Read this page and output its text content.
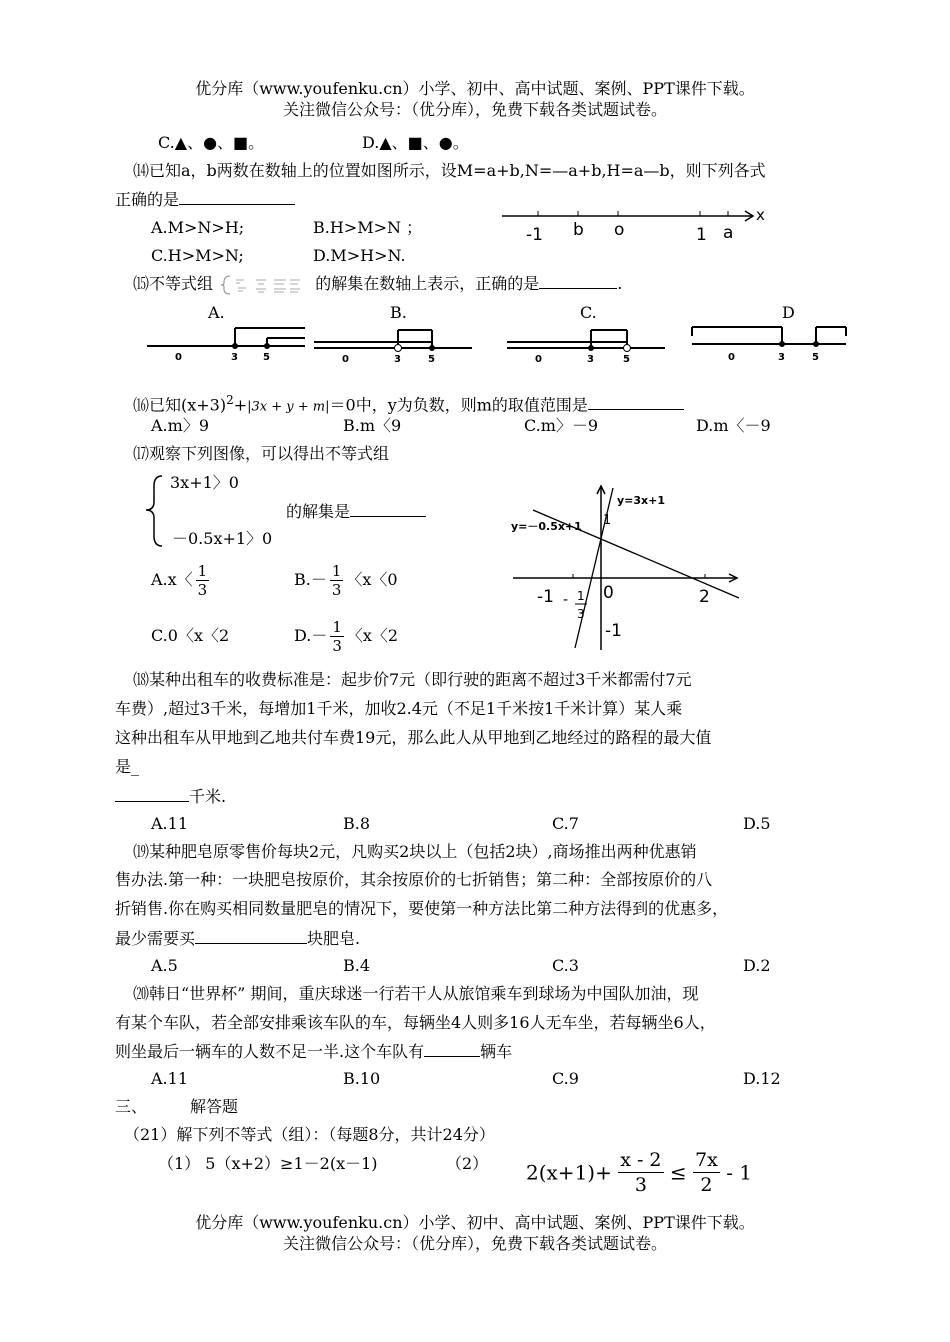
优分库（www.youfenku.cn）小学、初中、高中试题、案例、PPT课件下载。
关注微信公众号：（优分库），免费下载各类试题试卷。
C.▲、●、■。	D.▲、■、●。
⒁已知a，b两数在数轴上的位置如图所示，设M=a+b,N=—a+b,H=a—b，则下列各式
正确的是
A.M>N>H;	B.H>M>N ；
C.H>M>N;	D.M>H>N.
x
-1 b o	1 a
⒂不等式组	的解集在数轴上表示，正确的是	.
A.	B.	C.	D
0	3	5	0	3	5	0	3	5	0	3	5
⒃已知$(x+3)^2+|3x + y + m|=0$中，y为负数，则m的取值范围是
A.m〉9	B.m〈9	C.m〉－9	D.m〈－9
⒄观察下列图像，可以得出不等式组
3x+1〉0
的解集是
－0.5x+1〉0
A.x〈 $\frac{1}{3}$	$B.- \frac{1}{3}$ 〈x〈0
C.0〈x〈2	$D.- \frac{1}{3}$ 〈x〈2
y=3x+1
y=－0.5x+1 1
-1	0	2
- 1
3
-1
⒅某种出租车的收费标准是：起步价7元（即行驶的距离不超过3千米都需付7元
车费）,超过3千米，每增加1千米，加收2.4元（不足1千米按1千米计算）某人乘
这种出租车从甲地到乙地共付车费19元，那么此人从甲地到乙地经过的路程的最大值
是_
千米.
A.11	B.8	C.7	D.5
⒆某种肥皂原零售价每块2元，凡购买2块以上（包括2块）,商场推出两种优惠销
售办法.第一种：一块肥皂按原价，其余按原价的七折销售；第二种：全部按原价的八
折销售.你在购买相同数量肥皂的情况下，要使第一种方法比第二种方法得到的优惠多，
最少需要买	块肥皂.
A.5	B.4	C.3	D.2
⒇韩日“世界杯” 期间，重庆球迷一行若干人从旅馆乘车到球场为中国队加油，现
有某个车队，若全部安排乘该车队的车，每辆坐4人则多16人无车坐，若每辆坐6人，
则坐最后一辆车的人数不足一半.这个车队有	辆车
A.11	B.10	C.9	D.12
三、	解答题
（21）解下列不等式（组）：（每题8分，共计24分）
（1） 5（x+2）≥1－2(x－1)	（2） $2(x+1)+ \frac{x - 2}{3} \le \frac{7x}{2} - 1$
优分库（www.youfenku.cn）小学、初中、高中试题、案例、PPT课件下载。
关注微信公众号：（优分库），免费下载各类试题试卷。
